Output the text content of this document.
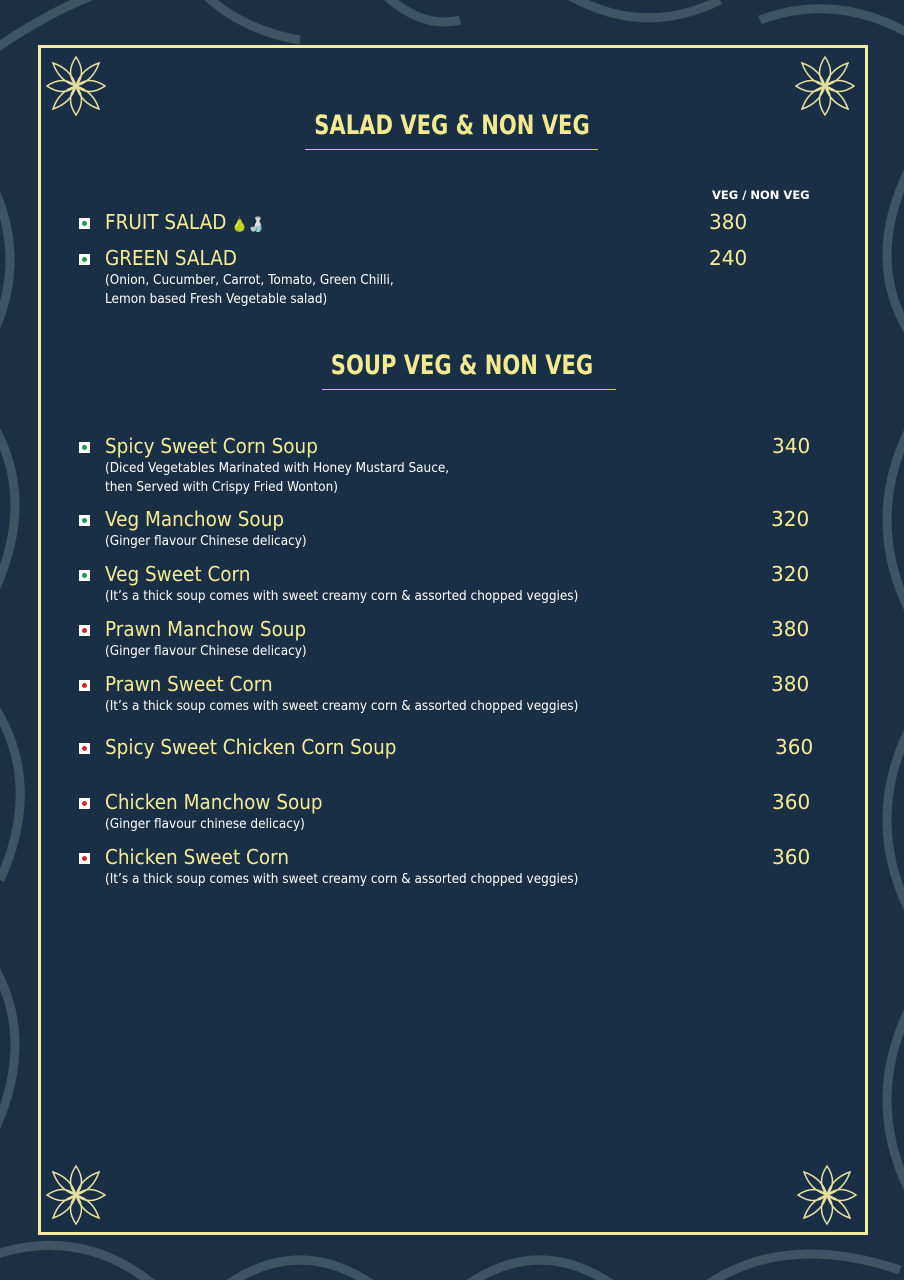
SALAD VEG & NON VEG
VEG / NON VEG
FRUIT SALAD 🍐🍶	380
GREEN SALAD
(Onion, Cucumber, Carrot, Tomato, Green Chilli,
Lemon based Fresh Vegetable salad)
240
SOUP VEG & NON VEG
Spicy Sweet Corn Soup
(Diced Vegetables Marinated with Honey Mustard Sauce,
then Served with Crispy Fried Wonton)
340
Veg Manchow Soup
(Ginger flavour Chinese delicacy)
320
Veg Sweet Corn
(It’s a thick soup comes with sweet creamy corn & assorted chopped veggies)
320
Prawn Manchow Soup
(Ginger flavour Chinese delicacy)
380
Prawn Sweet Corn
(It’s a thick soup comes with sweet creamy corn & assorted chopped veggies)
380
Spicy Sweet Chicken Corn Soup	360
Chicken Manchow Soup
(Ginger flavour chinese delicacy)
360
Chicken Sweet Corn
(It’s a thick soup comes with sweet creamy corn & assorted chopped veggies)
360
